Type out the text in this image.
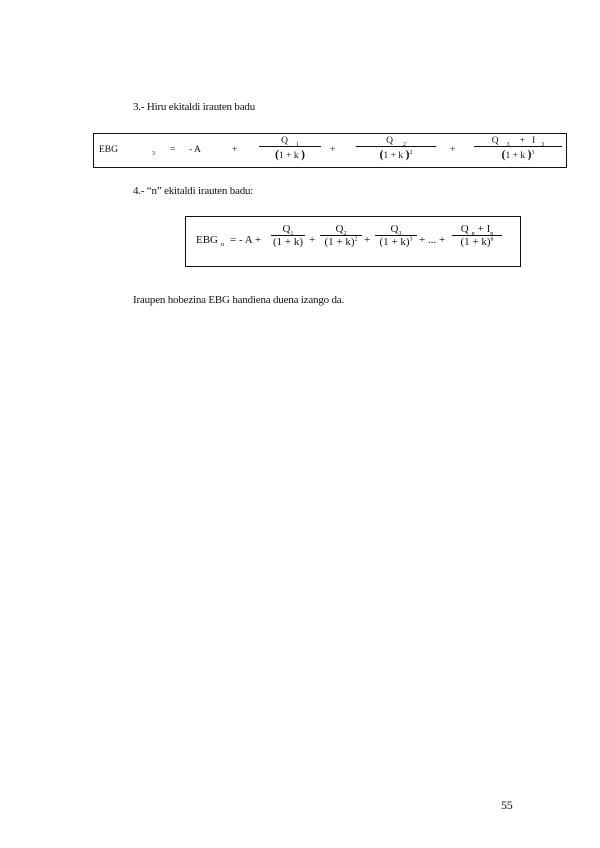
3.- Hiru ekitaldi irauten badu
EBG	$_3$ = - A	+
Q $_1$
(1 + k )	+
Q $_2$
(1 + k )$^2$	+
Q $_3$ + I $_3$
(1 + k )$^3$
4.- “n” ekitaldi irauten badu:
EBG $_n$ = - A +
$Q_1$
(1 + k) +
$Q_2$
$(1 + k)^2$ +
$Q_3$
$(1 + k)^3$ + ... +
Q $_n + I_n$
$(1 + k)^n$
Iraupen hobezina EBG handiena duena izango da.
55
